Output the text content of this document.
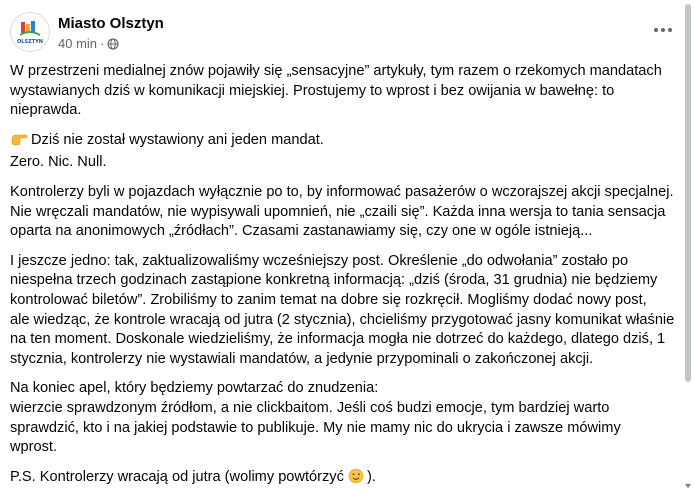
OLSZTYN
Miasto Olsztyn
40 min ·

W przestrzeni medialnej znów pojawiły się „sensacyjne” artykuły, tym razem o rzekomych mandatach
wystawianych dziś w komunikacji miejskiej. Prostujemy to wprost i bez owijania w bawełnę: to
nieprawda.

Dziś nie został wystawiony ani jeden mandat.
Zero. Nic. Null.

Kontrolerzy byli w pojazdach wyłącznie po to, by informować pasażerów o wczorajszej akcji specjalnej.
Nie wręczali mandatów, nie wypisywali upomnień, nie „czaili się”. Każda inna wersja to tania sensacja
oparta na anonimowych „źródłach”. Czasami zastanawiamy się, czy one w ogóle istnieją...

I jeszcze jedno: tak, zaktualizowaliśmy wcześniejszy post. Określenie „do odwołania” zostało po
niespełna trzech godzinach zastąpione konkretną informacją: „dziś (środa, 31 grudnia) nie będziemy
kontrolować biletów”. Zrobiliśmy to zanim temat na dobre się rozkręcił. Mogliśmy dodać nowy post,
ale wiedząc, że kontrole wracają od jutra (2 stycznia), chcieliśmy przygotować jasny komunikat właśnie
na ten moment. Doskonale wiedzieliśmy, że informacja mogła nie dotrzeć do każdego, dlatego dziś, 1
stycznia, kontrolerzy nie wystawiali mandatów, a jedynie przypominali o zakończonej akcji.

Na koniec apel, który będziemy powtarzać do znudzenia:
wierzcie sprawdzonym źródłom, a nie clickbaitom. Jeśli coś budzi emocje, tym bardziej warto
sprawdzić, kto i na jakiej podstawie to publikuje. My nie mamy nic do ukrycia i zawsze mówimy
wprost.

P.S. Kontrolerzy wracają od jutra (wolimy powtórzyć ).
